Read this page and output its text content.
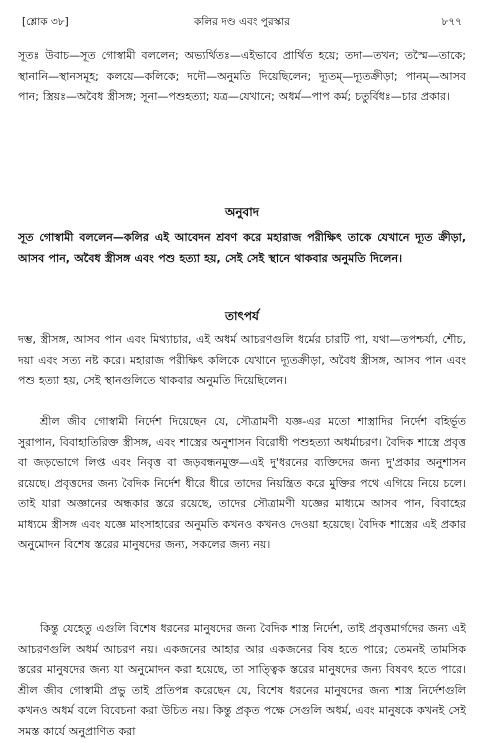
[শ্লোক ৩৮]	কলির দণ্ড এবং পুরস্কার	৮৭৭
সূতঃ উবাচ—সূত গোস্বামী বললেন; অভ্যর্থিতঃ—এইভাবে প্রার্থিত হয়ে; তদা—তখন; তস্মৈ—তাকে; স্থানানি—স্থানসমূহ; কলয়ে—কলিকে; দদৌ—অনুমতি দিয়েছিলেন; দ্যূতম্—দ্যূতক্রীড়া; পানম্—আসব পান; স্ত্রিয়ঃ—অবৈধ স্ত্রীসঙ্গ; সূনা—পশুহত্যা; যত্র—যেখানে; অধর্ম—পাপ কর্ম; চতুর্বিধঃ—চার প্রকার।
অনুবাদ
সূত গোস্বামী বললেন—কলির এই আবেদন শ্রবণ করে মহারাজ পরীক্ষিৎ তাকে যেখানে দ্যূত ক্রীড়া, আসব পান, অবৈধ স্ত্রীসঙ্গ এবং পশু হত্যা হয়, সেই সেই স্থানে থাকবার অনুমতি দিলেন।
তাৎপর্য

দম্ভ, স্ত্রীসঙ্গ, আসব পান এবং মিথ্যাচার, এই অধর্ম আচরণগুলি ধর্মের চারটি পা, যথা—তপশ্চর্যা, শৌচ, দয়া এবং সত্য নষ্ট করে। মহারাজ পরীক্ষিৎ কলিকে যেখানে দ্যূতক্রীড়া, অবৈধ স্ত্রীসঙ্গ, আসব পান এবং পশু হত্যা হয়, সেই স্থানগুলিতে থাকবার অনুমতি দিয়েছিলেন।

শ্রীল জীব গোস্বামী নির্দেশ দিয়েছেন যে, সৌত্রামণী যজ্ঞ-এর মতো শাস্ত্রাদির নির্দেশ বহির্ভূত সুরাপান, বিবাহাতিরিক্ত স্ত্রীসঙ্গ, এবং শাস্ত্রের অনুশাসন বিরোধী পশুহত্যা অধর্মাচরণ। বৈদিক শাস্ত্রে প্রবৃত্ত বা জড়ভোগে লিপ্ত এবং নিবৃত্ত বা জড়বন্ধনমুক্ত—এই দু'ধরনের ব্যক্তিদের জন্য দু'প্রকার অনুশাসন রয়েছে। প্রবৃত্তদের জন্য বৈদিক নির্দেশ ধীরে ধীরে তাদের নিয়ন্ত্রিত করে মুক্তির পথে এগিয়ে নিয়ে চলে। তাই যারা অজ্ঞানের অন্ধকার স্তরে রয়েছে, তাদের সৌত্রামণী যজ্ঞের মাধ্যমে আসব পান, বিবাহের মাধ্যমে স্ত্রীসঙ্গ এবং যজ্ঞে মাংসাহারের অনুমতি কখনও কখনও দেওয়া হয়েছে। বৈদিক শাস্ত্রের এই প্রকার অনুমোদন বিশেষ স্তরের মানুষদের জন্য, সকলের জন্য নয়।

কিন্তু যেহেতু এগুলি বিশেষ ধরনের মানুষদের জন্য বৈদিক শাস্ত্র নির্দেশ, তাই প্রবৃত্তমার্গদের জন্য এই আচরণগুলি অধর্ম আচরণ নয়। একজনের আহার আর একজনের বিষ হতে পারে; তেমনই তামসিক স্তরের মানুষদের জন্য যা অনুমোদন করা হয়েছে, তা সাত্ত্বিক স্তরের মানুষদের জন্য বিষবৎ হতে পারে। শ্রীল জীব গোস্বামী প্রভু তাই প্রতিপন্ন করেছেন যে, বিশেষ ধরনের মানুষদের জন্য শাস্ত্র নির্দেশগুলি কখনও অধর্ম বলে বিবেচনা করা উচিত নয়। কিন্তু প্রকৃত পক্ষে সেগুলি অধর্ম, এবং মানুষকে কখনই সেই সমস্ত কার্যে অনুপ্রাণিত করা
